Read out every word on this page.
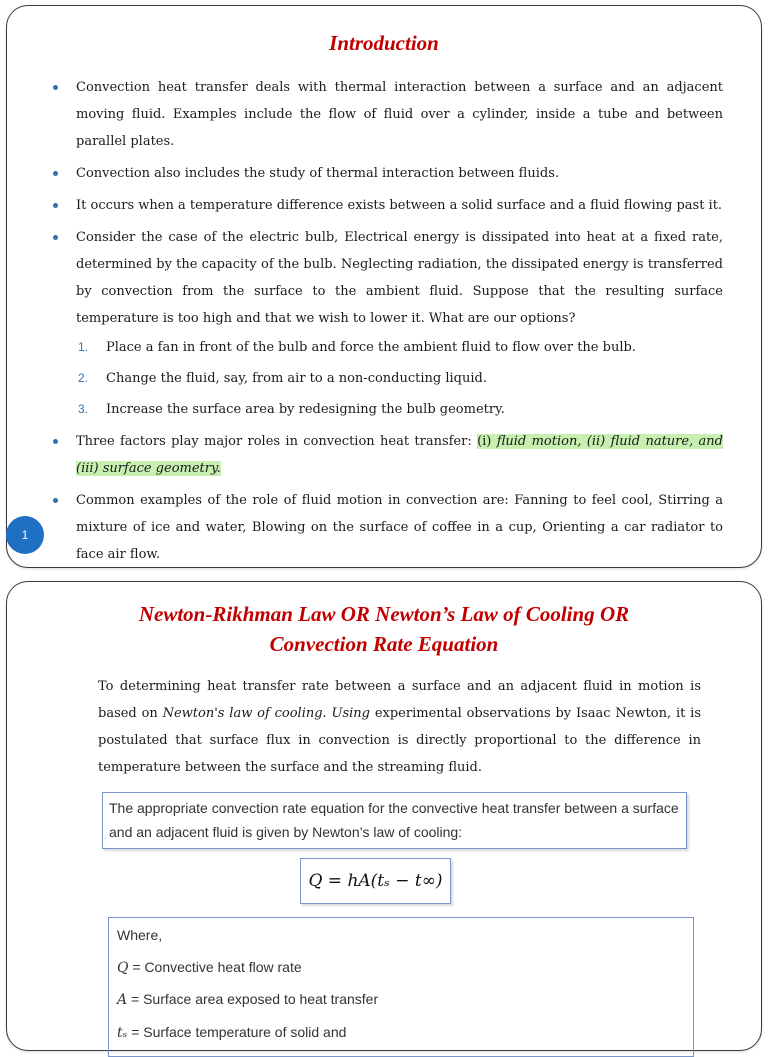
Introduction
Convection heat transfer deals with thermal interaction between a surface and an adjacent moving fluid. Examples include the flow of fluid over a cylinder, inside a tube and between parallel plates.
Convection also includes the study of thermal interaction between fluids.
It occurs when a temperature difference exists between a solid surface and a fluid flowing past it.
Consider the case of the electric bulb, Electrical energy is dissipated into heat at a fixed rate, determined by the capacity of the bulb. Neglecting radiation, the dissipated energy is transferred by convection from the surface to the ambient fluid. Suppose that the resulting surface temperature is too high and that we wish to lower it. What are our options?
1.	Place a fan in front of the bulb and force the ambient fluid to flow over the bulb.
2.	Change the fluid, say, from air to a non-conducting liquid.
3.	Increase the surface area by redesigning the bulb geometry.
Three factors play major roles in convection heat transfer: (i) fluid motion, (ii) fluid nature, and (iii) surface geometry.
Common examples of the role of fluid motion in convection are: Fanning to feel cool, Stirring a mixture of ice and water, Blowing on the surface of coffee in a cup, Orienting a car radiator to face air flow.
1
Newton-Rikhman Law OR Newton’s Law of Cooling OR
Convection Rate Equation

To determining heat transfer rate between a surface and an adjacent fluid in motion is based on Newton's law of cooling. Using experimental observations by Isaac Newton, it is postulated that surface flux in convection is directly proportional to the difference in temperature between the surface and the streaming fluid.

The appropriate convection rate equation for the convective heat transfer between a surface and an adjacent fluid is given by Newton’s law of cooling:
Q = hA(tₛ − t∞)
Where,
Q = Convective heat flow rate
A = Surface area exposed to heat transfer
tₛ = Surface temperature of solid and
